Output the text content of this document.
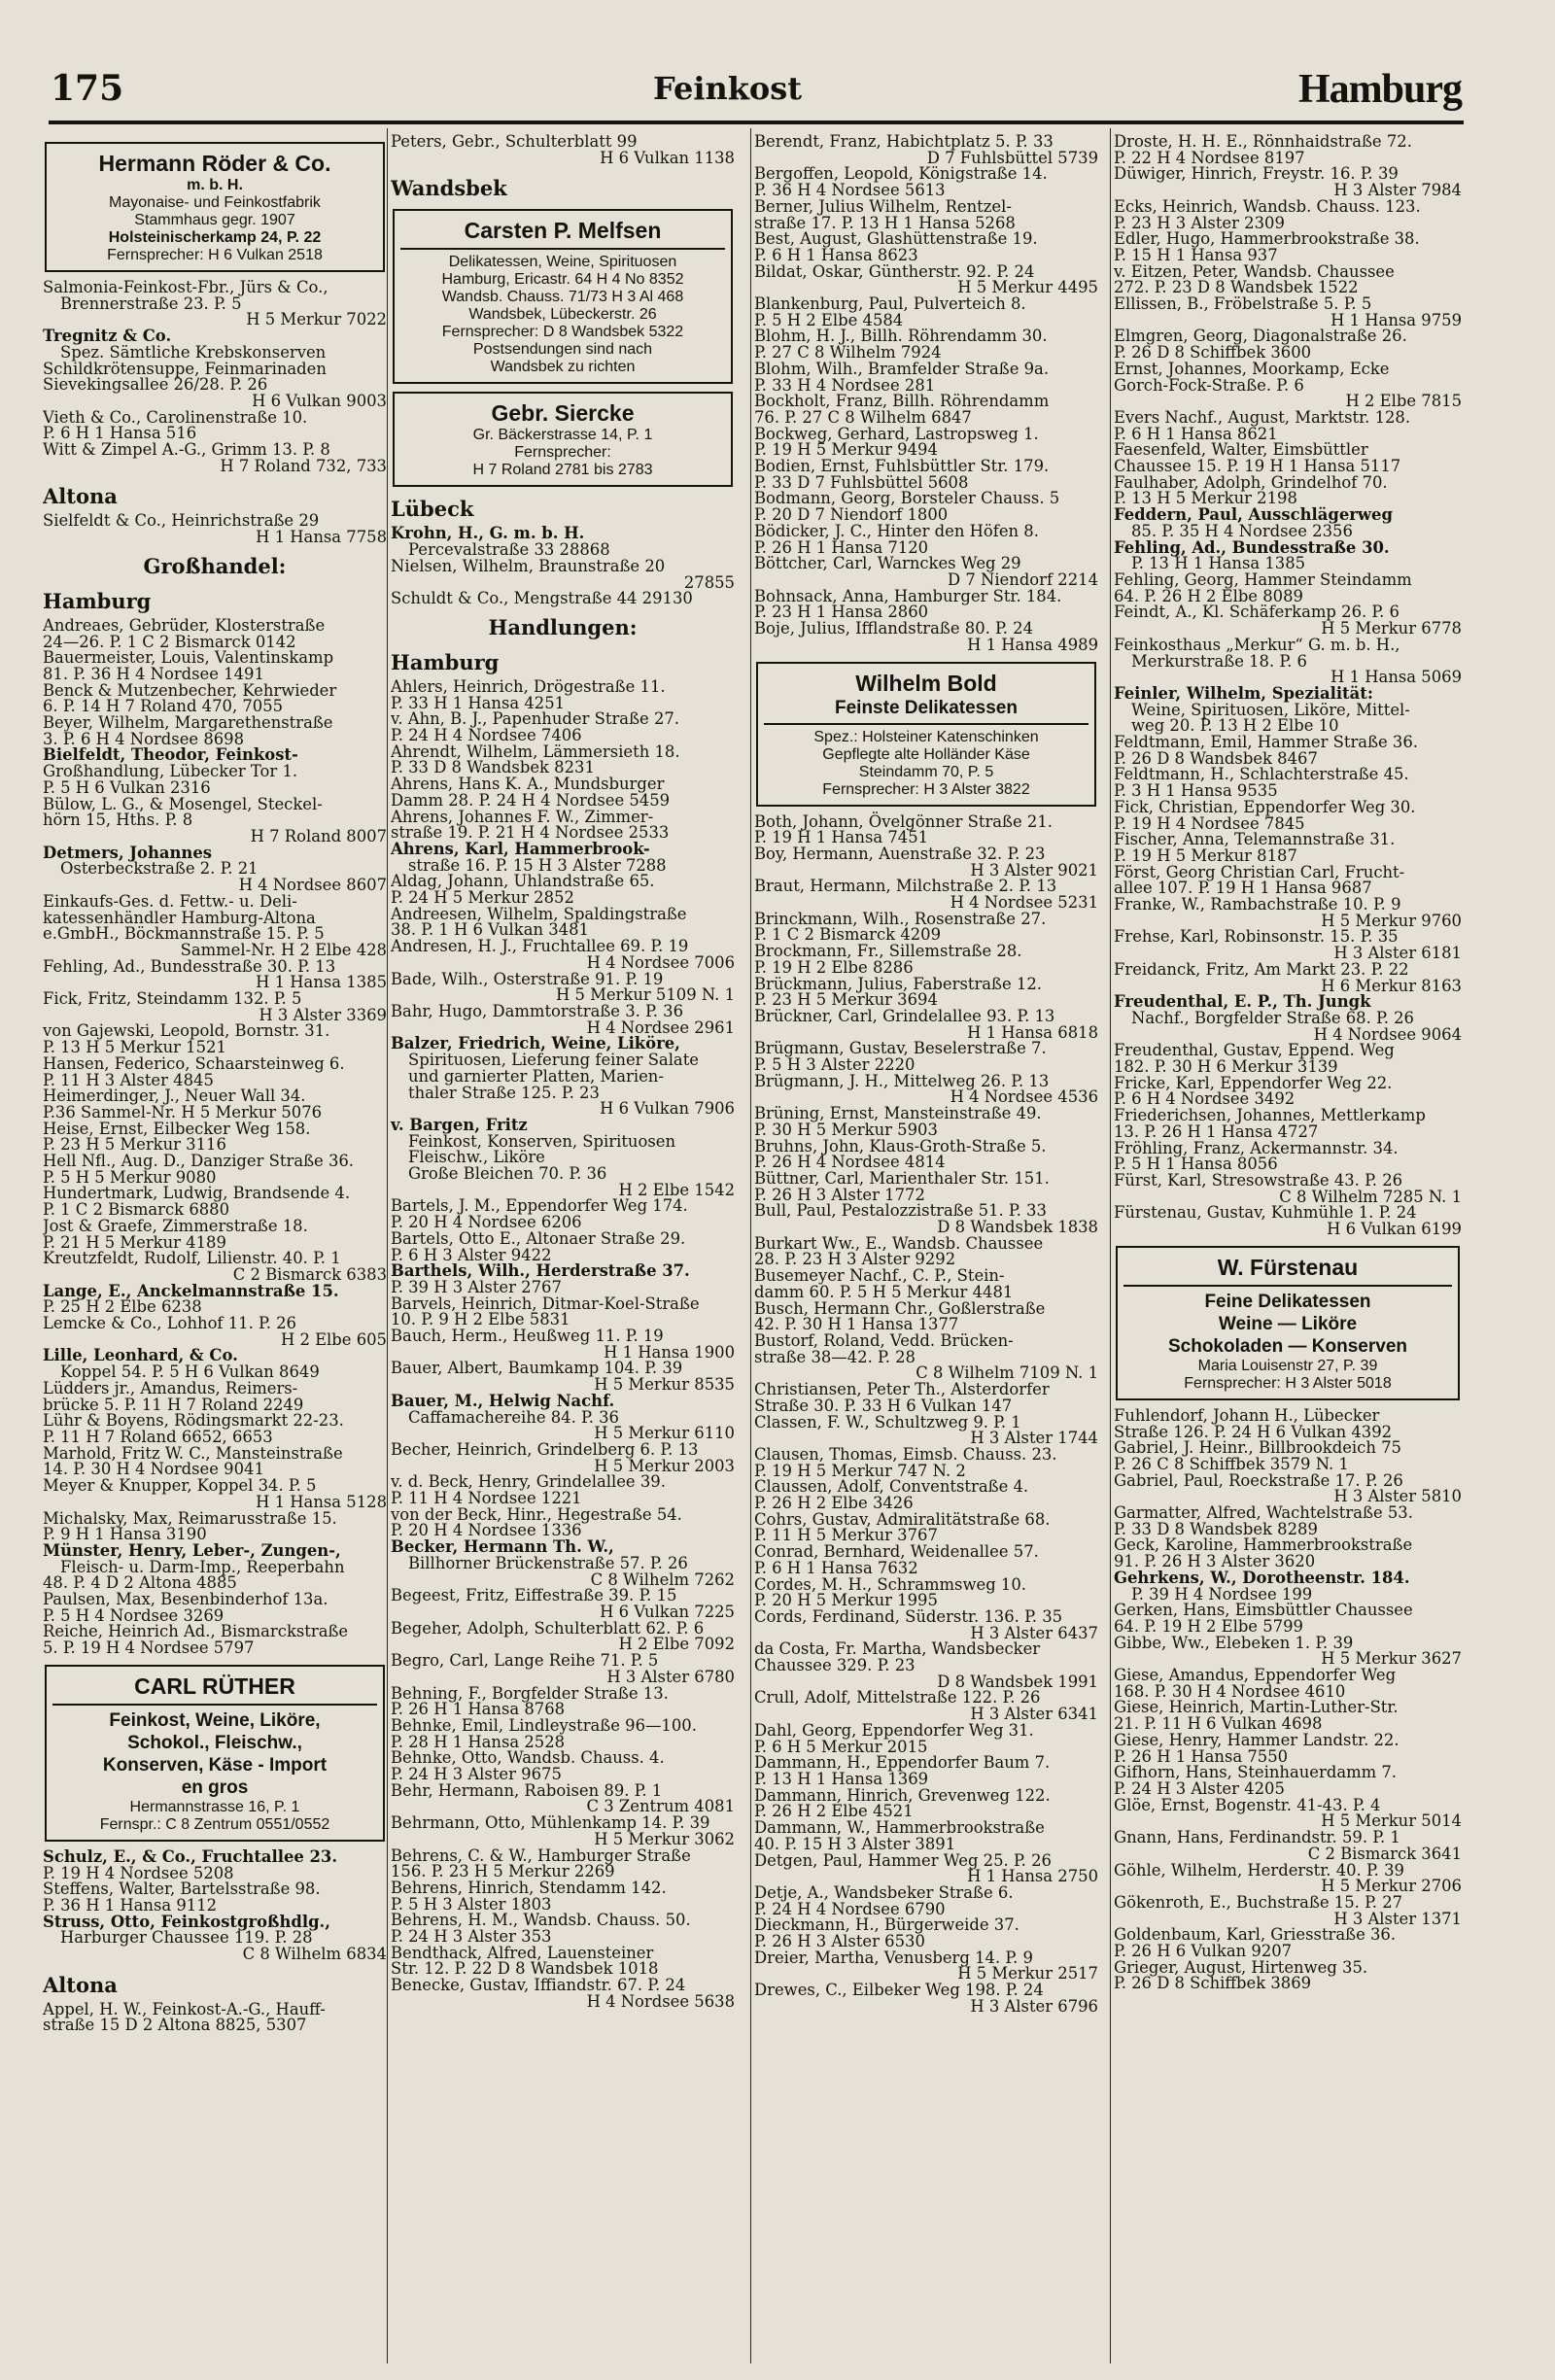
175	Feinkost	Hamburg
Hermann Röder & Co.
m. b. H.
Mayonaise- und Feinkostfabrik
Stammhaus gegr. 1907
Holsteinischerkamp 24, P. 22
Fernsprecher: H 6 Vulkan 2518
Salmonia-Feinkost-Fbr., Jürs & Co.,
Brennerstraße 23. P. 5
H 5 Merkur 7022
Tregnitz & Co.
Spez. Sämtliche Krebskonserven
Schildkrötensuppe, Feinmarinaden
Sievekingsallee 26/28. P. 26
H 6 Vulkan 9003
Vieth & Co., Carolinenstraße 10.
P. 6 H 1 Hansa 516
Witt & Zimpel A.-G., Grimm 13. P. 8
H 7 Roland 732, 733
Altona
Sielfeldt & Co., Heinrichstraße 29
H 1 Hansa 7758
Großhandel:
Hamburg
Andreaes, Gebrüder, Klosterstraße
24—26. P. 1 C 2 Bismarck 0142
Bauermeister, Louis, Valentinskamp
81. P. 36 H 4 Nordsee 1491
Benck & Mutzenbecher, Kehrwieder
6. P. 14 H 7 Roland 470, 7055
Beyer, Wilhelm, Margarethenstraße
3. P. 6 H 4 Nordsee 8698
Bielfeldt, Theodor, Feinkost-
Großhandlung, Lübecker Tor 1.
P. 5 H 6 Vulkan 2316
Bülow, L. G., & Mosengel, Steckel-
hörn 15, Hths. P. 8
H 7 Roland 8007
Detmers, Johannes
Osterbeckstraße 2. P. 21
H 4 Nordsee 8607
Einkaufs-Ges. d. Fettw.- u. Deli-
katessenhändler Hamburg-Altona
e.GmbH., Böckmannstraße 15. P. 5
Sammel-Nr. H 2 Elbe 428
Fehling, Ad., Bundesstraße 30. P. 13
H 1 Hansa 1385
Fick, Fritz, Steindamm 132. P. 5
H 3 Alster 3369
von Gajewski, Leopold, Bornstr. 31.
P. 13 H 5 Merkur 1521
Hansen, Federico, Schaarsteinweg 6.
P. 11 H 3 Alster 4845
Heimerdinger, J., Neuer Wall 34.
P.36 Sammel-Nr. H 5 Merkur 5076
Heise, Ernst, Eilbecker Weg 158.
P. 23 H 5 Merkur 3116
Hell Nfl., Aug. D., Danziger Straße 36.
P. 5 H 5 Merkur 9080
Hundertmark, Ludwig, Brandsende 4.
P. 1 C 2 Bismarck 6880
Jost & Graefe, Zimmerstraße 18.
P. 21 H 5 Merkur 4189
Kreutzfeldt, Rudolf, Lilienstr. 40. P. 1
C 2 Bismarck 6383
Lange, E., Anckelmannstraße 15.
P. 25 H 2 Elbe 6238
Lemcke & Co., Lohhof 11. P. 26
H 2 Elbe 605
Lille, Leonhard, & Co.
Koppel 54. P. 5 H 6 Vulkan 8649
Lüdders jr., Amandus, Reimers-
brücke 5. P. 11 H 7 Roland 2249
Lühr & Boyens, Rödingsmarkt 22-23.
P. 11 H 7 Roland 6652, 6653
Marhold, Fritz W. C., Mansteinstraße
14. P. 30 H 4 Nordsee 9041
Meyer & Knupper, Koppel 34. P. 5
H 1 Hansa 5128
Michalsky, Max, Reimarusstraße 15.
P. 9 H 1 Hansa 3190
Münster, Henry, Leber-, Zungen-,
Fleisch- u. Darm-Imp., Reeperbahn
48. P. 4 D 2 Altona 4885
Paulsen, Max, Besenbinderhof 13a.
P. 5 H 4 Nordsee 3269
Reiche, Heinrich Ad., Bismarckstraße
5. P. 19 H 4 Nordsee 5797
CARL RÜTHER
Feinkost, Weine, Liköre,
Schokol., Fleischw.,
Konserven, Käse - Import
en gros
Hermannstrasse 16, P. 1
Fernspr.: C 8 Zentrum 0551/0552
Schulz, E., & Co., Fruchtallee 23.
P. 19 H 4 Nordsee 5208
Steffens, Walter, Bartelsstraße 98.
P. 36 H 1 Hansa 9112
Struss, Otto, Feinkostgroßhdlg.,
Harburger Chaussee 119. P. 28
C 8 Wilhelm 6834
Altona
Appel, H. W., Feinkost-A.-G., Hauff-
straße 15 D 2 Altona 8825, 5307
Peters, Gebr., Schulterblatt 99
H 6 Vulkan 1138
Wandsbek
Carsten P. Melfsen
Delikatessen, Weine, Spirituosen
Hamburg, Ericastr. 64 H 4 No 8352
Wandsb. Chauss. 71/73 H 3 Al 468
Wandsbek, Lübeckerstr. 26
Fernsprecher: D 8 Wandsbek 5322
Postsendungen sind nach
Wandsbek zu richten
Gebr. Siercke
Gr. Bäckerstrasse 14, P. 1
Fernsprecher:
H 7 Roland 2781 bis 2783
Lübeck
Krohn, H., G. m. b. H.
Percevalstraße 33 28868
Nielsen, Wilhelm, Braunstraße 20
27855
Schuldt & Co., Mengstraße 44 29130
Handlungen:
Hamburg
Ahlers, Heinrich, Drögestraße 11.
P. 33 H 1 Hansa 4251
v. Ahn, B. J., Papenhuder Straße 27.
P. 24 H 4 Nordsee 7406
Ahrendt, Wilhelm, Lämmersieth 18.
P. 33 D 8 Wandsbek 8231
Ahrens, Hans K. A., Mundsburger
Damm 28. P. 24 H 4 Nordsee 5459
Ahrens, Johannes F. W., Zimmer-
straße 19. P. 21 H 4 Nordsee 2533
Ahrens, Karl, Hammerbrook-
straße 16. P. 15 H 3 Alster 7288
Aldag, Johann, Uhlandstraße 65.
P. 24 H 5 Merkur 2852
Andreesen, Wilhelm, Spaldingstraße
38. P. 1 H 6 Vulkan 3481
Andresen, H. J., Fruchtallee 69. P. 19
H 4 Nordsee 7006
Bade, Wilh., Osterstraße 91. P. 19
H 5 Merkur 5109 N. 1
Bahr, Hugo, Dammtorstraße 3. P. 36
H 4 Nordsee 2961
Balzer, Friedrich, Weine, Liköre,
Spirituosen, Lieferung feiner Salate
und garnierter Platten, Marien-
thaler Straße 125. P. 23
H 6 Vulkan 7906
v. Bargen, Fritz
Feinkost, Konserven, Spirituosen
Fleischw., Liköre
Große Bleichen 70. P. 36
H 2 Elbe 1542
Bartels, J. M., Eppendorfer Weg 174.
P. 20 H 4 Nordsee 6206
Bartels, Otto E., Altonaer Straße 29.
P. 6 H 3 Alster 9422
Barthels, Wilh., Herderstraße 37.
P. 39 H 3 Alster 2767
Barvels, Heinrich, Ditmar-Koel-Straße
10. P. 9 H 2 Elbe 5831
Bauch, Herm., Heußweg 11. P. 19
H 1 Hansa 1900
Bauer, Albert, Baumkamp 104. P. 39
H 5 Merkur 8535
Bauer, M., Helwig Nachf.
Caffamachereihe 84. P. 36
H 5 Merkur 6110
Becher, Heinrich, Grindelberg 6. P. 13
H 5 Merkur 2003
v. d. Beck, Henry, Grindelallee 39.
P. 11 H 4 Nordsee 1221
von der Beck, Hinr., Hegestraße 54.
P. 20 H 4 Nordsee 1336
Becker, Hermann Th. W.,
Billhorner Brückenstraße 57. P. 26
C 8 Wilhelm 7262
Begeest, Fritz, Eiffestraße 39. P. 15
H 6 Vulkan 7225
Begeher, Adolph, Schulterblatt 62. P. 6
H 2 Elbe 7092
Begro, Carl, Lange Reihe 71. P. 5
H 3 Alster 6780
Behning, F., Borgfelder Straße 13.
P. 26 H 1 Hansa 8768
Behnke, Emil, Lindleystraße 96—100.
P. 28 H 1 Hansa 2528
Behnke, Otto, Wandsb. Chauss. 4.
P. 24 H 3 Alster 9675
Behr, Hermann, Raboisen 89. P. 1
C 3 Zentrum 4081
Behrmann, Otto, Mühlenkamp 14. P. 39
H 5 Merkur 3062
Behrens, C. & W., Hamburger Straße
156. P. 23 H 5 Merkur 2269
Behrens, Hinrich, Stendamm 142.
P. 5 H 3 Alster 1803
Behrens, H. M., Wandsb. Chauss. 50.
P. 24 H 3 Alster 353
Bendthack, Alfred, Lauensteiner
Str. 12. P. 22 D 8 Wandsbek 1018
Benecke, Gustav, Iffiandstr. 67. P. 24
H 4 Nordsee 5638
Berendt, Franz, Habichtplatz 5. P. 33
D 7 Fuhlsbüttel 5739
Bergoffen, Leopold, Königstraße 14.
P. 36 H 4 Nordsee 5613
Berner, Julius Wilhelm, Rentzel-
straße 17. P. 13 H 1 Hansa 5268
Best, August, Glashüttenstraße 19.
P. 6 H 1 Hansa 8623
Bildat, Oskar, Güntherstr. 92. P. 24
H 5 Merkur 4495
Blankenburg, Paul, Pulverteich 8.
P. 5 H 2 Elbe 4584
Blohm, H. J., Billh. Röhrendamm 30.
P. 27 C 8 Wilhelm 7924
Blohm, Wilh., Bramfelder Straße 9a.
P. 33 H 4 Nordsee 281
Bockholt, Franz, Billh. Röhrendamm
76. P. 27 C 8 Wilhelm 6847
Bockweg, Gerhard, Lastropsweg 1.
P. 19 H 5 Merkur 9494
Bodien, Ernst, Fuhlsbüttler Str. 179.
P. 33 D 7 Fuhlsbüttel 5608
Bodmann, Georg, Borsteler Chauss. 5
P. 20 D 7 Niendorf 1800
Bödicker, J. C., Hinter den Höfen 8.
P. 26 H 1 Hansa 7120
Böttcher, Carl, Warnckes Weg 29
D 7 Niendorf 2214
Bohnsack, Anna, Hamburger Str. 184.
P. 23 H 1 Hansa 2860
Boje, Julius, Ifflandstraße 80. P. 24
H 1 Hansa 4989
Wilhelm Bold
Feinste Delikatessen
Spez.: Holsteiner Katenschinken
Gepflegte alte Holländer Käse
Steindamm 70, P. 5
Fernsprecher: H 3 Alster 3822
Both, Johann, Övelgönner Straße 21.
P. 19 H 1 Hansa 7451
Boy, Hermann, Auenstraße 32. P. 23
H 3 Alster 9021
Braut, Hermann, Milchstraße 2. P. 13
H 4 Nordsee 5231
Brinckmann, Wilh., Rosenstraße 27.
P. 1 C 2 Bismarck 4209
Brockmann, Fr., Sillemstraße 28.
P. 19 H 2 Elbe 8286
Brückmann, Julius, Faberstraße 12.
P. 23 H 5 Merkur 3694
Brückner, Carl, Grindelallee 93. P. 13
H 1 Hansa 6818
Brügmann, Gustav, Beselerstraße 7.
P. 5 H 3 Alster 2220
Brügmann, J. H., Mittelweg 26. P. 13
H 4 Nordsee 4536
Brüning, Ernst, Mansteinstraße 49.
P. 30 H 5 Merkur 5903
Bruhns, John, Klaus-Groth-Straße 5.
P. 26 H 4 Nordsee 4814
Büttner, Carl, Marienthaler Str. 151.
P. 26 H 3 Alster 1772
Bull, Paul, Pestalozzistraße 51. P. 33
D 8 Wandsbek 1838
Burkart Ww., E., Wandsb. Chaussee
28. P. 23 H 3 Alster 9292
Busemeyer Nachf., C. P., Stein-
damm 60. P. 5 H 5 Merkur 4481
Busch, Hermann Chr., Goßlerstraße
42. P. 30 H 1 Hansa 1377
Bustorf, Roland, Vedd. Brücken-
straße 38—42. P. 28
C 8 Wilhelm 7109 N. 1
Christiansen, Peter Th., Alsterdorfer
Straße 30. P. 33 H 6 Vulkan 147
Classen, F. W., Schultzweg 9. P. 1
H 3 Alster 1744
Clausen, Thomas, Eimsb. Chauss. 23.
P. 19 H 5 Merkur 747 N. 2
Claussen, Adolf, Conventstraße 4.
P. 26 H 2 Elbe 3426
Cohrs, Gustav, Admiralitätstraße 68.
P. 11 H 5 Merkur 3767
Conrad, Bernhard, Weidenallee 57.
P. 6 H 1 Hansa 7632
Cordes, M. H., Schrammsweg 10.
P. 20 H 5 Merkur 1995
Cords, Ferdinand, Süderstr. 136. P. 35
H 3 Alster 6437
da Costa, Fr. Martha, Wandsbecker
Chaussee 329. P. 23
D 8 Wandsbek 1991
Crull, Adolf, Mittelstraße 122. P. 26
H 3 Alster 6341
Dahl, Georg, Eppendorfer Weg 31.
P. 6 H 5 Merkur 2015
Dammann, H., Eppendorfer Baum 7.
P. 13 H 1 Hansa 1369
Dammann, Hinrich, Grevenweg 122.
P. 26 H 2 Elbe 4521
Dammann, W., Hammerbrookstraße
40. P. 15 H 3 Alster 3891
Detgen, Paul, Hammer Weg 25. P. 26
H 1 Hansa 2750
Detje, A., Wandsbeker Straße 6.
P. 24 H 4 Nordsee 6790
Dieckmann, H., Bürgerweide 37.
P. 26 H 3 Alster 6530
Dreier, Martha, Venusberg 14. P. 9
H 5 Merkur 2517
Drewes, C., Eilbeker Weg 198. P. 24
H 3 Alster 6796
Droste, H. H. E., Rönnhaidstraße 72.
P. 22 H 4 Nordsee 8197
Düwiger, Hinrich, Freystr. 16. P. 39
H 3 Alster 7984
Ecks, Heinrich, Wandsb. Chauss. 123.
P. 23 H 3 Alster 2309
Edler, Hugo, Hammerbrookstraße 38.
P. 15 H 1 Hansa 937
v. Eitzen, Peter, Wandsb. Chaussee
272. P. 23 D 8 Wandsbek 1522
Ellissen, B., Fröbelstraße 5. P. 5
H 1 Hansa 9759
Elmgren, Georg, Diagonalstraße 26.
P. 26 D 8 Schiffbek 3600
Ernst, Johannes, Moorkamp, Ecke
Gorch-Fock-Straße. P. 6
H 2 Elbe 7815
Evers Nachf., August, Marktstr. 128.
P. 6 H 1 Hansa 8621
Faesenfeld, Walter, Eimsbüttler
Chaussee 15. P. 19 H 1 Hansa 5117
Faulhaber, Adolph, Grindelhof 70.
P. 13 H 5 Merkur 2198
Feddern, Paul, Ausschlägerweg
85. P. 35 H 4 Nordsee 2356
Fehling, Ad., Bundesstraße 30.
P. 13 H 1 Hansa 1385
Fehling, Georg, Hammer Steindamm
64. P. 26 H 2 Elbe 8089
Feindt, A., Kl. Schäferkamp 26. P. 6
H 5 Merkur 6778
Feinkosthaus „Merkur“ G. m. b. H.,
Merkurstraße 18. P. 6
H 1 Hansa 5069
Feinler, Wilhelm, Spezialität:
Weine, Spirituosen, Liköre, Mittel-
weg 20. P. 13 H 2 Elbe 10
Feldtmann, Emil, Hammer Straße 36.
P. 26 D 8 Wandsbek 8467
Feldtmann, H., Schlachterstraße 45.
P. 3 H 1 Hansa 9535
Fick, Christian, Eppendorfer Weg 30.
P. 19 H 4 Nordsee 7845
Fischer, Anna, Telemannstraße 31.
P. 19 H 5 Merkur 8187
Först, Georg Christian Carl, Frucht-
allee 107. P. 19 H 1 Hansa 9687
Franke, W., Rambachstraße 10. P. 9
H 5 Merkur 9760
Frehse, Karl, Robinsonstr. 15. P. 35
H 3 Alster 6181
Freidanck, Fritz, Am Markt 23. P. 22
H 6 Merkur 8163
Freudenthal, E. P., Th. Jungk
Nachf., Borgfelder Straße 68. P. 26
H 4 Nordsee 9064
Freudenthal, Gustav, Eppend. Weg
182. P. 30 H 6 Merkur 3139
Fricke, Karl, Eppendorfer Weg 22.
P. 6 H 4 Nordsee 3492
Friederichsen, Johannes, Mettlerkamp
13. P. 26 H 1 Hansa 4727
Fröhling, Franz, Ackermannstr. 34.
P. 5 H 1 Hansa 8056
Fürst, Karl, Stresowstraße 43. P. 26
C 8 Wilhelm 7285 N. 1
Fürstenau, Gustav, Kuhmühle 1. P. 24
H 6 Vulkan 6199
W. Fürstenau
Feine Delikatessen
Weine — Liköre
Schokoladen — Konserven
Maria Louisenstr 27, P. 39
Fernsprecher: H 3 Alster 5018
Fuhlendorf, Johann H., Lübecker
Straße 126. P. 24 H 6 Vulkan 4392
Gabriel, J. Heinr., Billbrookdeich 75
P. 26 C 8 Schiffbek 3579 N. 1
Gabriel, Paul, Roeckstraße 17. P. 26
H 3 Alster 5810
Garmatter, Alfred, Wachtelstraße 53.
P. 33 D 8 Wandsbek 8289
Geck, Karoline, Hammerbrookstraße
91. P. 26 H 3 Alster 3620
Gehrkens, W., Dorotheenstr. 184.
P. 39 H 4 Nordsee 199
Gerken, Hans, Eimsbüttler Chaussee
64. P. 19 H 2 Elbe 5799
Gibbe, Ww., Elebeken 1. P. 39
H 5 Merkur 3627
Giese, Amandus, Eppendorfer Weg
168. P. 30 H 4 Nordsee 4610
Giese, Heinrich, Martin-Luther-Str.
21. P. 11 H 6 Vulkan 4698
Giese, Henry, Hammer Landstr. 22.
P. 26 H 1 Hansa 7550
Gifhorn, Hans, Steinhauerdamm 7.
P. 24 H 3 Alster 4205
Glöe, Ernst, Bogenstr. 41-43. P. 4
H 5 Merkur 5014
Gnann, Hans, Ferdinandstr. 59. P. 1
C 2 Bismarck 3641
Göhle, Wilhelm, Herderstr. 40. P. 39
H 5 Merkur 2706
Gökenroth, E., Buchstraße 15. P. 27
H 3 Alster 1371
Goldenbaum, Karl, Griesstraße 36.
P. 26 H 6 Vulkan 9207
Grieger, August, Hirtenweg 35.
P. 26 D 8 Schiffbek 3869
